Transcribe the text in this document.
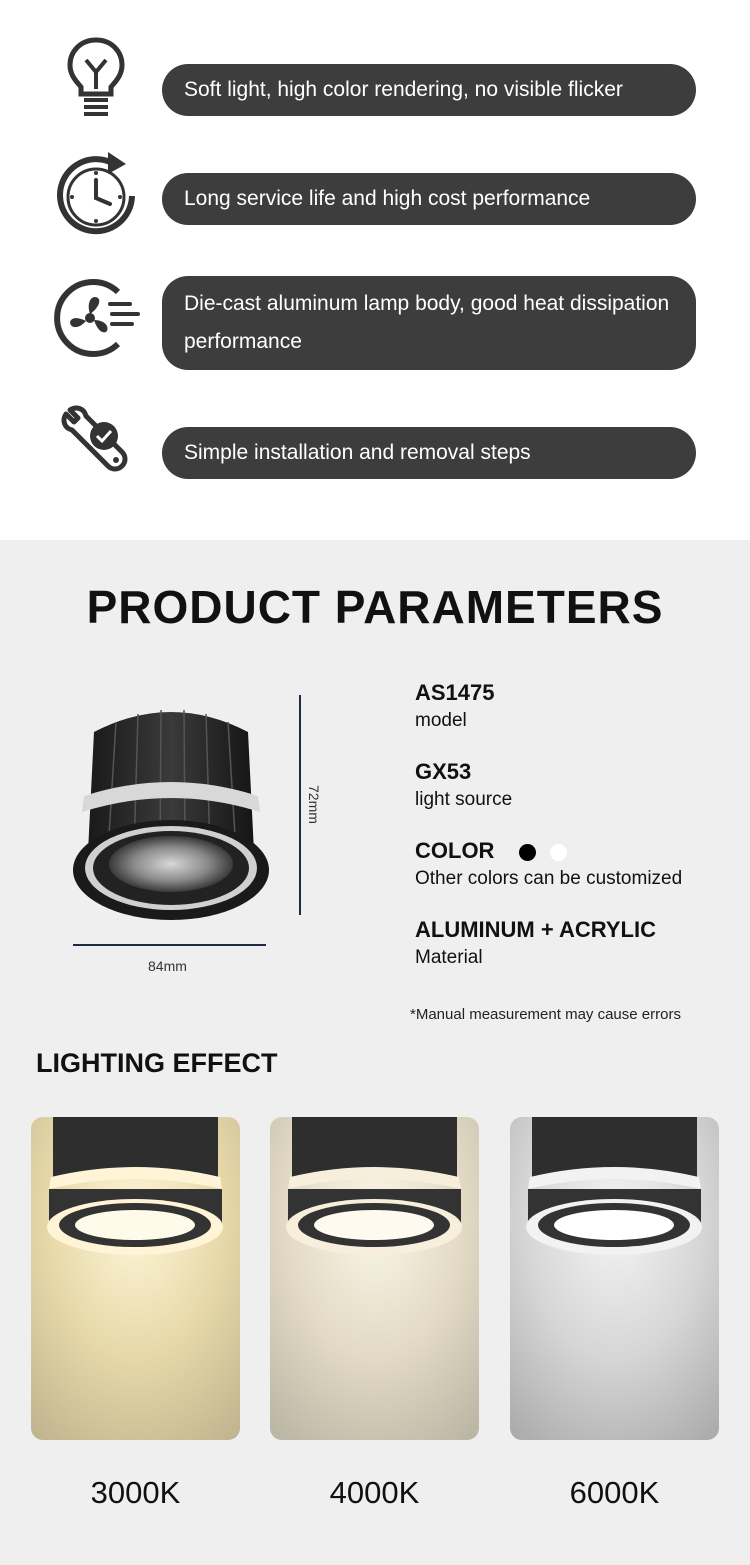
Soft light, high color rendering, no visible flicker
Long service life and high cost performance
Die-cast aluminum lamp body, good heat dissipation performance
Simple installation and removal steps
PRODUCT PARAMETERS
72mm
84mm
AS1475
model
GX53
light source
COLOR
Other colors can be customized
ALUMINUM + ACRYLIC
Material
*Manual measurement may cause errors
LIGHTING EFFECT
3000K	4000K	6000K
